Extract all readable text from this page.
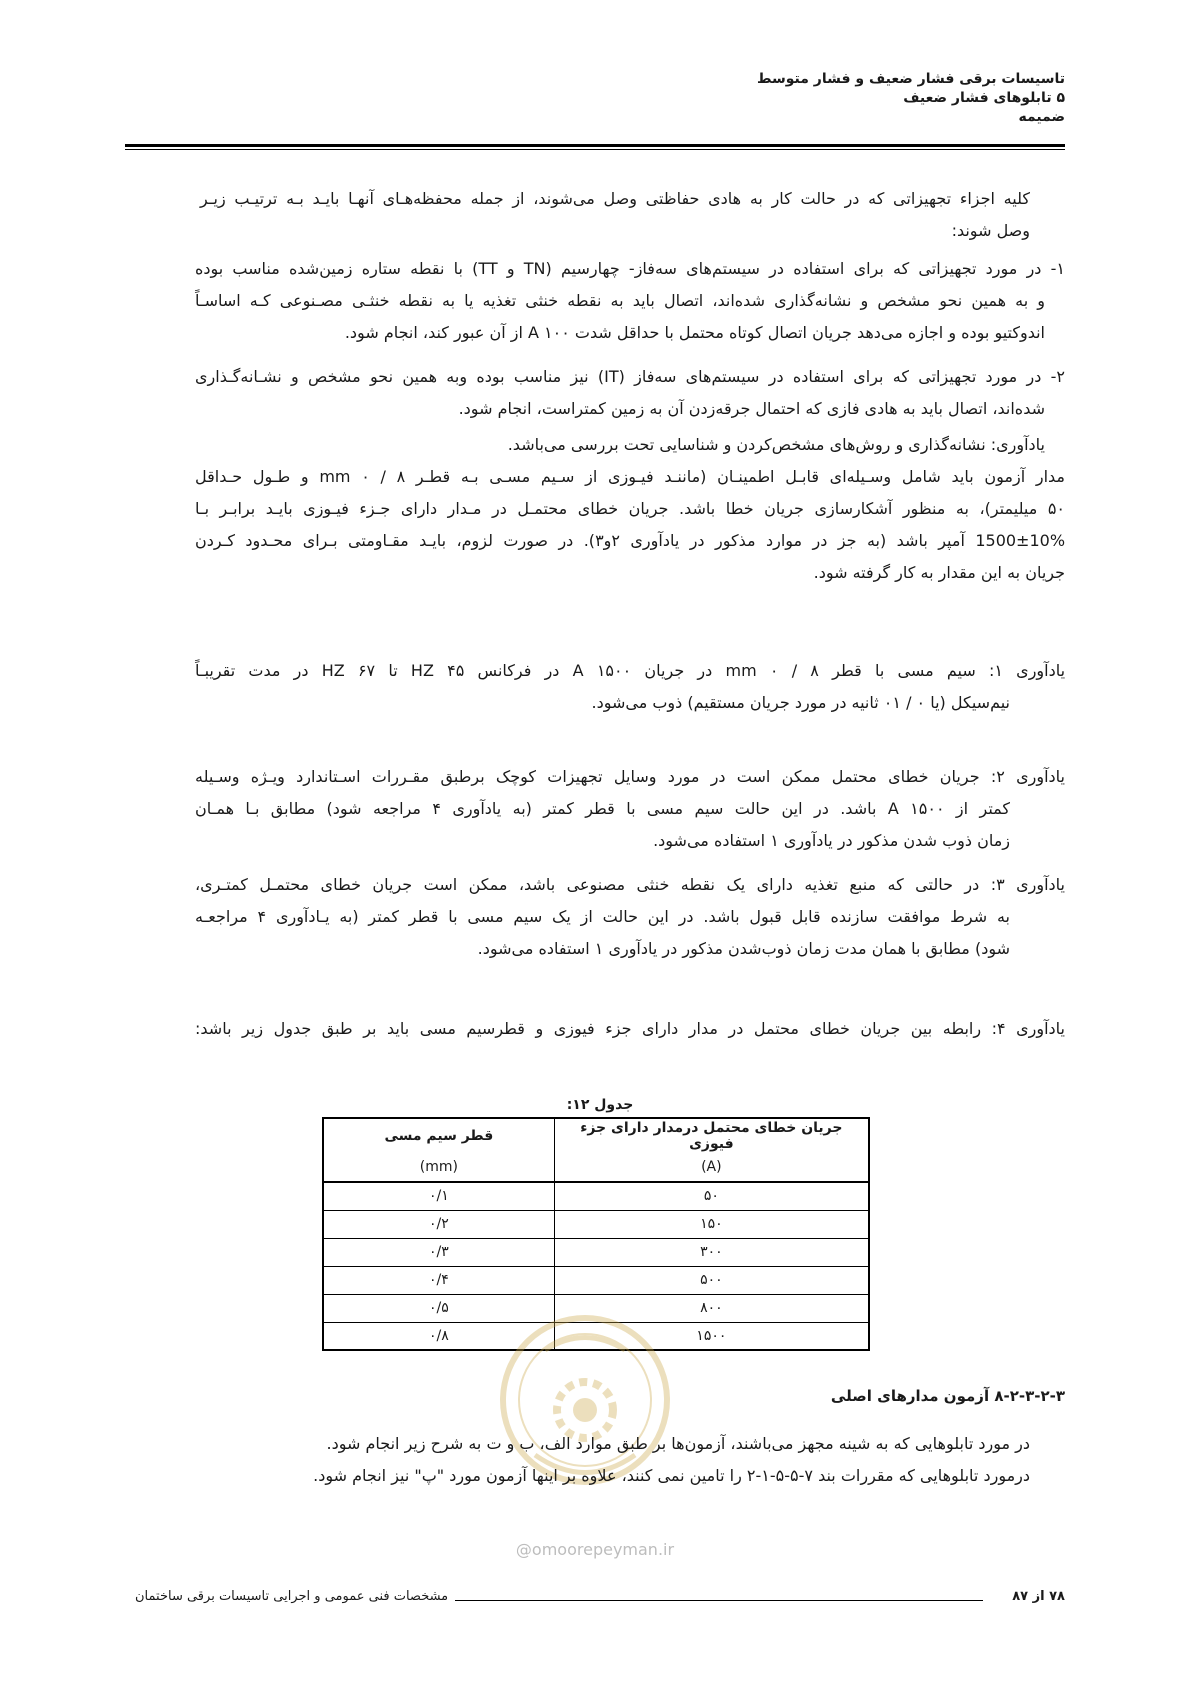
تاسیسات برقی فشار ضعیف و فشار متوسط
۵ تابلوهای فشار ضعیف
ضمیمه
کلیه اجزاء تجهیزاتی که در حالت کار به هادی حفاظتی وصل می‌شوند، از جمله محفظه‌هـای آنهـا بایـد بـه ترتیـب زیـر
وصل شوند:
۱- در مورد تجهیزاتی که برای استفاده در سیستم‌های سه‌فاز- چهارسیم (TN و TT) با نقطه ستاره زمین‌شده مناسب بوده
و به همین نحو مشخص و نشانه‌گذاری شده‌اند، اتصال باید به نقطه خنثی تغذیه یا به نقطه خنثـی مصـنوعی کـه اساسـاً
اندوکتیو بوده و اجازه می‌دهد جریان اتصال کوتاه محتمل با حداقل شدت A ۱۰۰ از آن عبور کند، انجام شود.
۲- در مورد تجهیزاتی که برای استفاده در سیستم‌های سه‌فاز (IT) نیز مناسب بوده وبه همین نحو مشخص و نشـانه‌گـذاری
شده‌اند، اتصال باید به هادی فازی که احتمال جرقه‌زدن آن به زمین کمتراست، انجام شود.
یادآوری: نشانه‌گذاری و روش‌های مشخص‌کردن و شناسایی تحت بررسی می‌باشد.
مدار آزمون باید شامل وسـیله‌ای قابـل اطمینـان (ماننـد فیـوزی از سـیم مسـی بـه قطـر mm ۰ / ۸ و طـول حـداقل
۵۰ میلیمتر)، به منظور آشکارسازی جریان خطا باشد. جریان خطای محتمـل در مـدار دارای جـزء فیـوزی بایـد برابـر بـا
1500±10% آمپر باشد (به جز در موارد مذکور در یادآوری ۲و۳). در صورت لزوم، بایـد مقـاومتی بـرای محـدود کـردن
جریان به این مقدار به کار گرفته شود.
یادآوری ۱: سیم مسی با قطر mm ۰ / ۸ در جریان A ۱۵۰۰ در فرکانس HZ ۴۵ تا HZ ۶۷ در مدت تقریبـاً
نیم‌سیکل (یا ۰ / ۰۱ ثانیه در مورد جریان مستقیم) ذوب می‌شود.
یادآوری ۲: جریان خطای محتمل ممکن است در مورد وسایل تجهیزات کوچک برطبق مقـررات اسـتاندارد ویـژه وسـیله
کمتر از A ۱۵۰۰ باشد. در این حالت سیم مسی با قطر کمتر (به یادآوری ۴ مراجعه شود) مطابق بـا همـان
زمان ذوب شدن مذکور در یادآوری ۱ استفاده می‌شود.
یادآوری ۳: در حالتی که منبع تغذیه دارای یک نقطه خنثی مصنوعی باشد، ممکن است جریان خطای محتمـل کمتـری،
به شرط موافقت سازنده قابل قبول باشد. در این حالت از یک سیم مسی با قطر کمتر (به یـادآوری ۴ مراجعـه
شود) مطابق با همان مدت زمان ذوب‌شدن مذکور در یادآوری ۱ استفاده می‌شود.
یادآوری ۴: رابطه بین جریان خطای محتمل در مدار دارای جزء فیوزی و قطرسیم مسی باید بر طبق جدول زیر باشد:
جدول ۱۲:
جریان خطای محتمل درمدار دارای جزء فیوزی	قطر سیم مسی
(A)	(mm)
۵۰	۰/۱
۱۵۰	۰/۲
۳۰۰	۰/۳
۵۰۰	۰/۴
۸۰۰	۰/۵
۱۵۰۰	۰/۸
@omoorepeyman.ir
۸-۲-۳-۲-۳ آزمون مدارهای اصلی
در مورد تابلوهایی که به شینه مجهز می‌باشند، آزمون‌ها بر طبق موارد الف، ب و ت به شرح زیر انجام شود.
درمورد تابلوهایی که مقررات بند ۷-۵-۵-۱-۲ را تامین نمی کنند، علاوه بر اینها آزمون مورد "پ" نیز انجام شود.
۷۸ از ۸۷
مشخصات فنی عمومی و اجرایی تاسیسات برقی ساختمان
